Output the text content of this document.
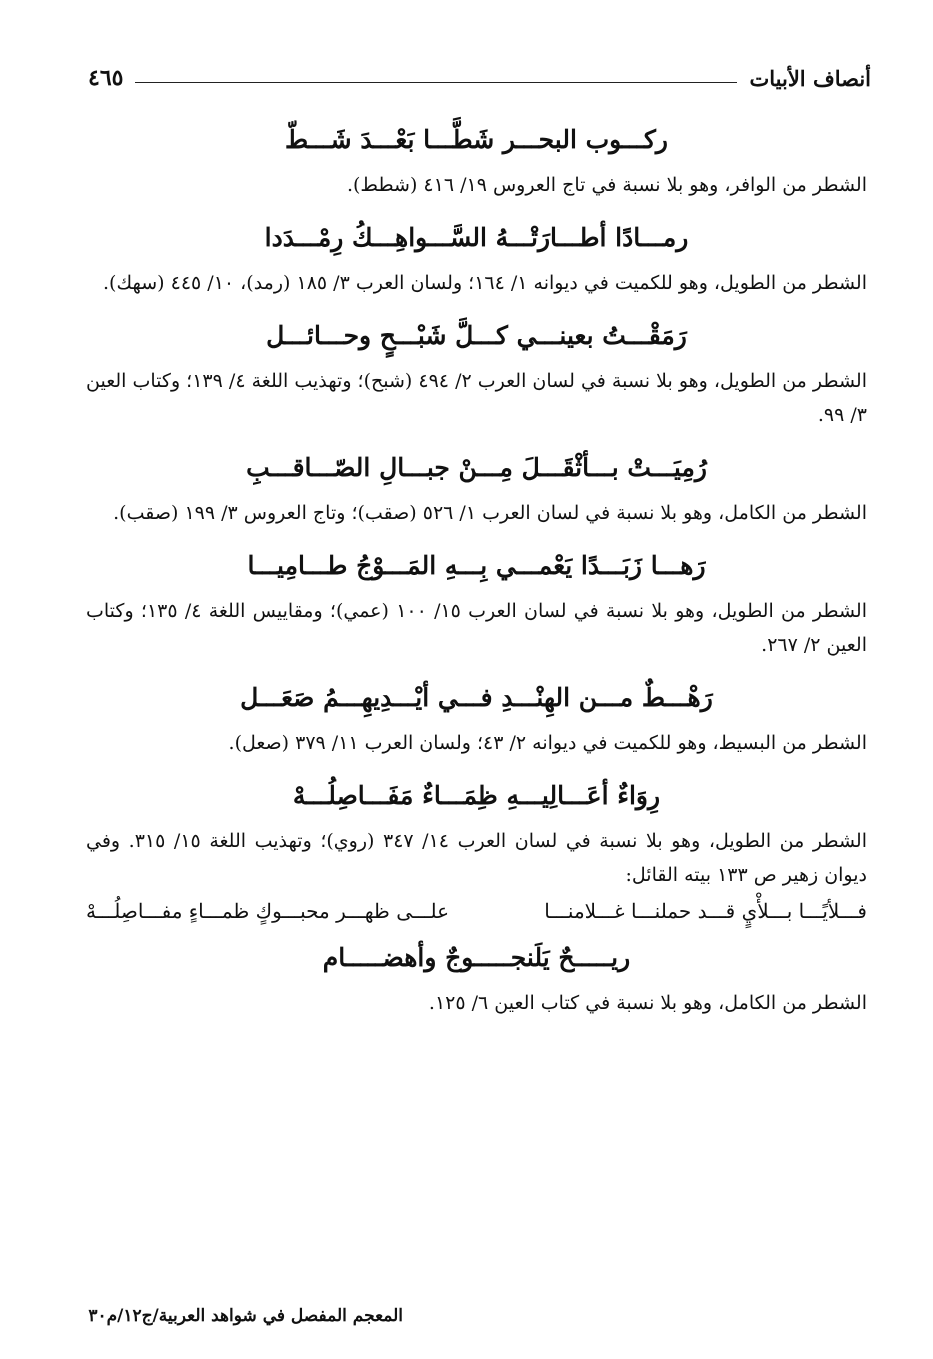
أنصاف الأبيات
٤٦٥
ركـــوب البحـــر شَطَّـــا بَعْـــدَ شَـــطّ

الشطر من الوافر، وهو بلا نسبة في تاج العروس ١٩/ ٤١٦ (شطط).

رمـــادًا أطـــارَتْـــهُ السَّـــواهِـــكُ رِمْـــدَدا

الشطر من الطويل، وهو للكميت في ديوانه ١/ ١٦٤؛ ولسان العرب ٣/ ١٨٥ (رمد)، ١٠/ ٤٤٥ (سهك).

رَمَقْـــتُ بعينـــي كـــلَّ شَبْـــحٍ وحـــائـــل

الشطر من الطويل، وهو بلا نسبة في لسان العرب ٢/ ٤٩٤ (شبح)؛ وتهذيب اللغة ٤/ ١٣٩؛ وكتاب العين ٣/ ٩٩.

رُمِيَـــتْ بـــأثْقَـــلَ مِـــنْ جبـــالِ الصّـــاقـــبِ

الشطر من الكامل، وهو بلا نسبة في لسان العرب ١/ ٥٢٦ (صقب)؛ وتاج العروس ٣/ ١٩٩ (صقب).

رَهـــا زَبَـــدًا يَعْمـــي بِـــهِ المَـــوْجُ طـــامِيـــا

الشطر من الطويل، وهو بلا نسبة في لسان العرب ١٥/ ١٠٠ (عمي)؛ ومقاييس اللغة ٤/ ١٣٥؛ وكتاب العين ٢/ ٢٦٧.

رَهْـــطٌ مـــن الهِنْـــدِ فـــي أيْـــدِيهِـــمُ صَعَـــل

الشطر من البسيط، وهو للكميت في ديوانه ٢/ ٤٣؛ ولسان العرب ١١/ ٣٧٩ (صعل).

رِوَاءٌ أعَـــالِيـــهِ ظِمَـــاءٌ مَفَـــاصِلُـــهْ

الشطر من الطويل، وهو بلا نسبة في لسان العرب ١٤/ ٣٤٧ (روي)؛ وتهذيب اللغة ١٥/ ٣١٥. وفي ديوان زهير ص ١٣٣ بيته القائل:

فـــلأيًـــا بـــلأْيٍ قـــد حملنـــا غـــلامنـــا
علـــى ظهـــر محبـــوكٍ ظمـــاءٍ مفـــاصِلُـــهْ
ريـــــحٌ يَلَنجـــــوجٌ وأهضـــــام

الشطر من الكامل، وهو بلا نسبة في كتاب العين ٦/ ١٢٥.

المعجم المفصل في شواهد العربية/ج١٢/م٣٠
